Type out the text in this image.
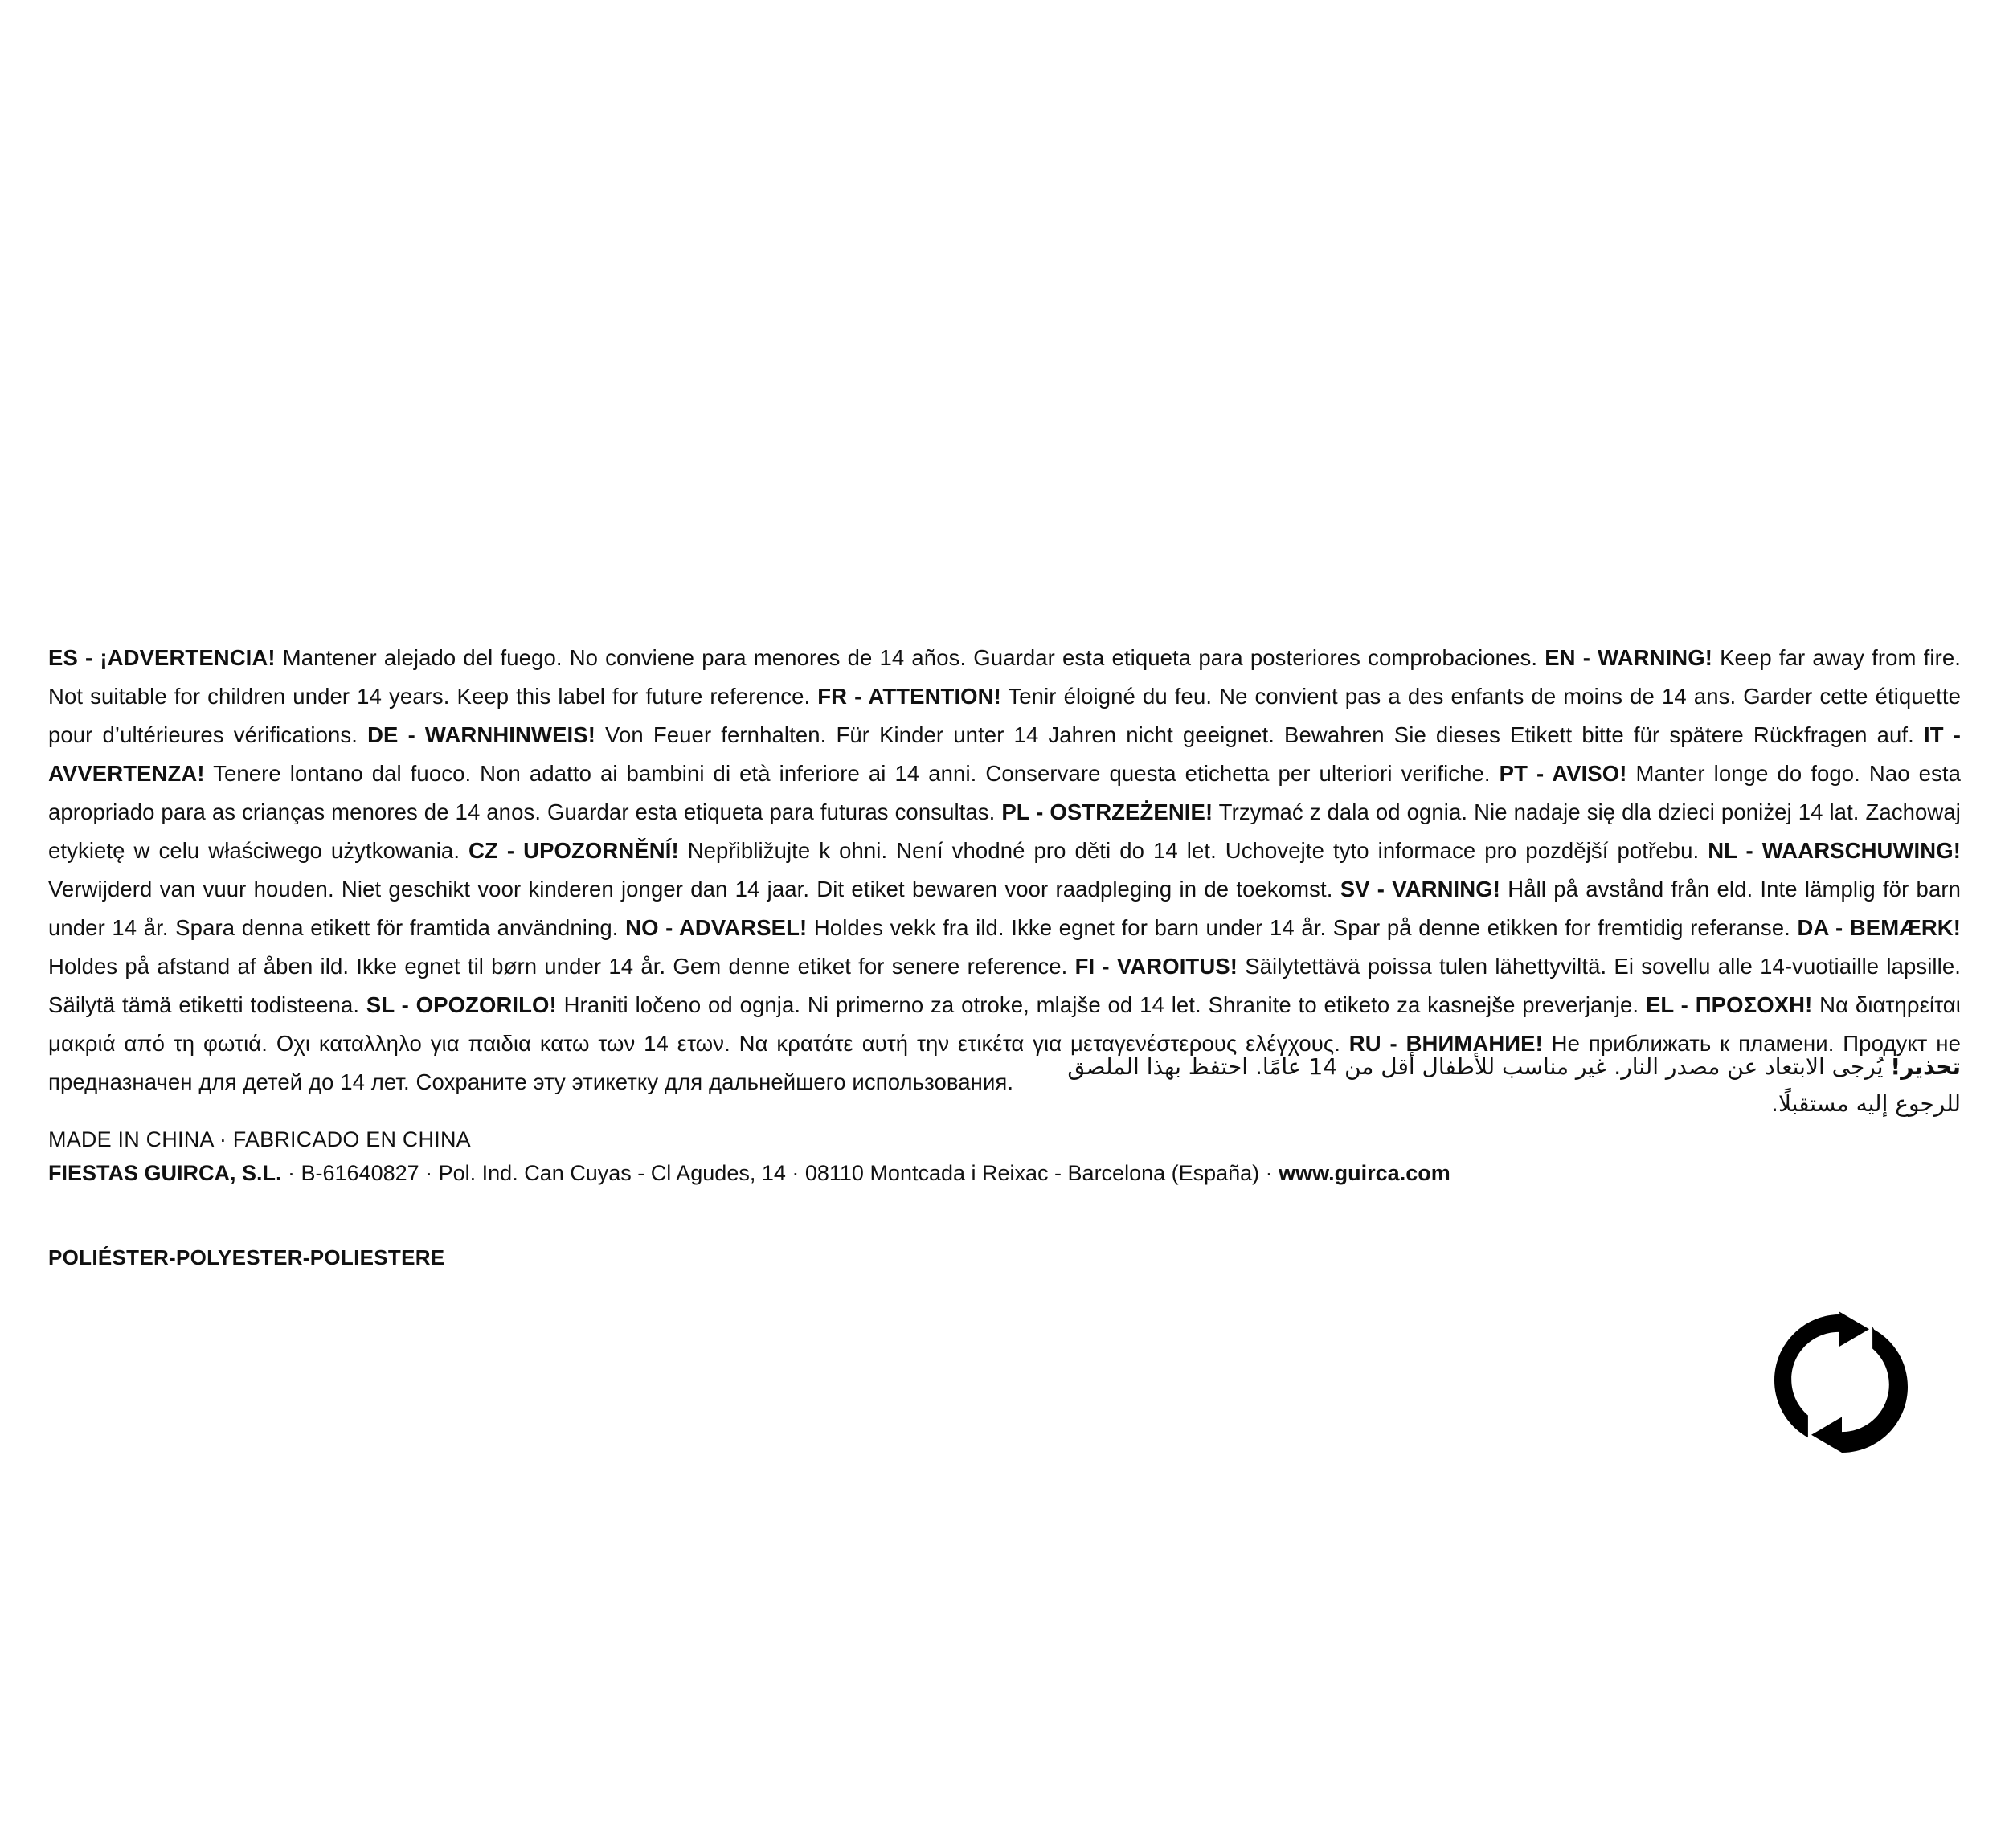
ES - ¡ADVERTENCIA! Mantener alejado del fuego. No conviene para menores de 14 años. Guardar esta etiqueta para posteriores comprobaciones. EN - WARNING! Keep far away from fire. Not suitable for children under 14 years. Keep this label for future reference. FR - ATTENTION! Tenir éloigné du feu. Ne convient pas a des enfants de moins de 14 ans. Garder cette étiquette pour d’ultérieures vérifications. DE - WARNHINWEIS! Von Feuer fernhalten. Für Kinder unter 14 Jahren nicht geeignet. Bewahren Sie dieses Etikett bitte für spätere Rückfragen auf. IT - AVVERTENZA! Tenere lontano dal fuoco. Non adatto ai bambini di età inferiore ai 14 anni. Conservare questa etichetta per ulteriori verifiche. PT - AVISO! Manter longe do fogo. Nao esta apropriado para as crianças menores de 14 anos. Guardar esta etiqueta para futuras consultas. PL - OSTRZEŻENIE! Trzymać z dala od ognia. Nie nadaje się dla dzieci poniżej 14 lat. Zachowaj etykietę w celu właściwego użytkowania. CZ - UPOZORNĚNÍ! Nepřibližujte k ohni. Není vhodné pro děti do 14 let. Uchovejte tyto informace pro pozdější potřebu. NL - WAARSCHUWING! Verwijderd van vuur houden. Niet geschikt voor kinderen jonger dan 14 jaar. Dit etiket bewaren voor raadpleging in de toekomst. SV - VARNING! Håll på avstånd från eld. Inte lämplig för barn under 14 år. Spara denna etikett för framtida användning. NO - ADVARSEL! Holdes vekk fra ild. Ikke egnet for barn under 14 år. Spar på denne etikken for fremtidig referanse. DA - BEMÆRK! Holdes på afstand af åben ild. Ikke egnet til børn under 14 år. Gem denne etiket for senere reference. FI - VAROITUS! Säilytettävä poissa tulen lähettyviltä. Ei sovellu alle 14-vuotiaille lapsille. Säilytä tämä etiketti todisteena. SL - OPOZORILO! Hraniti ločeno od ognja. Ni primerno za otroke, mlajše od 14 let. Shranite to etiketo za kasnejše preverjanje. EL - ΠΡΟΣΟΧΗ! Να διατηρείται μακριά από τη φωτιά. Οχι καταλληλο για παιδια κατω των 14 ετων. Να κρατάτε αυτή την ετικέτα για μεταγενέστερους ελέγχους. RU - ВНИМАНИЕ! Не приближать к пламени. Продукт не предназначен для детей до 14 лет. Сохраните эту этикетку для дальнейшего использования.
تحذير! يُرجى الابتعاد عن مصدر النار. غير مناسب للأطفال أقل من 14 عامًا. احتفظ بهذا الملصق للرجوع إليه مستقبلًا.
MADE IN CHINA · FABRICADO EN CHINA
FIESTAS GUIRCA, S.L. · B-61640827 · Pol. Ind. Can Cuyas - Cl Agudes, 14 · 08110 Montcada i Reixac - Barcelona (España) · www.guirca.com
POLIÉSTER-POLYESTER-POLIESTERE
